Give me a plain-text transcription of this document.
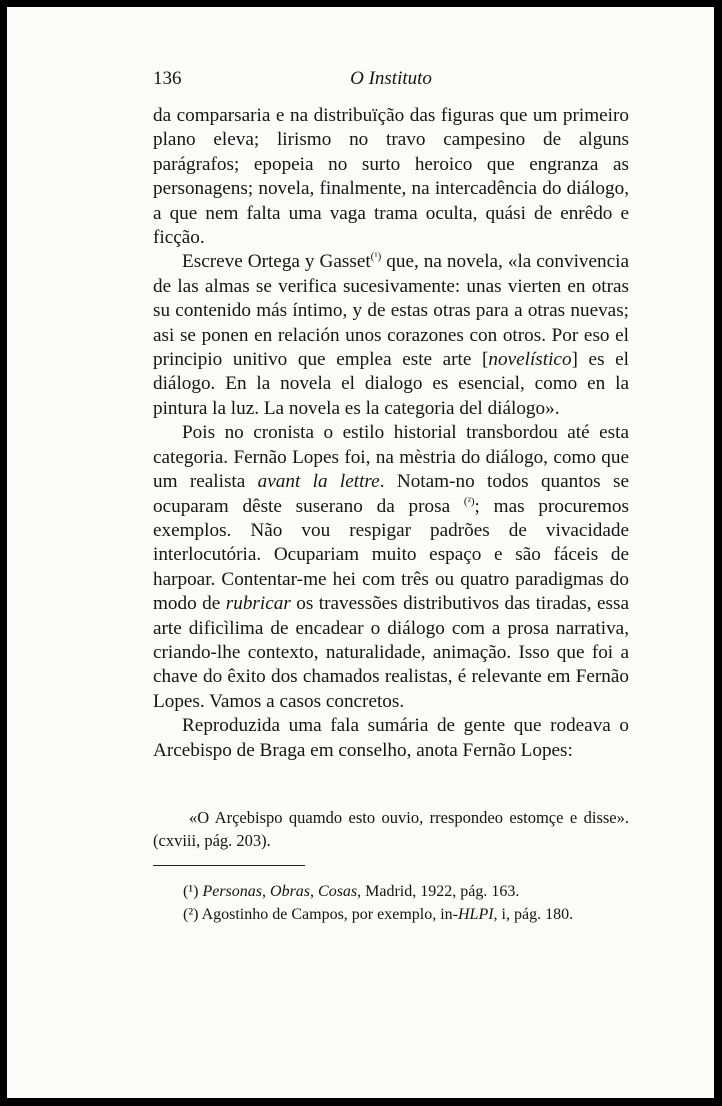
136	O Instituto

da comparsaria e na distribuïção das figuras que um primeiro plano eleva; lirismo no travo campesino de alguns parágrafos; epopeia no surto heroico que engranza as personagens; novela, finalmente, na intercadência do diálogo, a que nem falta uma vaga trama oculta, quási de enrêdo e ficção.

Escreve Ortega y Gasset$^{(^1)}$ que, na novela, «la convivencia de las almas se verifica sucesivamente: unas vierten en otras su contenido más íntimo, y de estas otras para a otras nuevas; asi se ponen en relación unos corazones con otros. Por eso el principio unitivo que emplea este arte [novelístico] es el diálogo. En la novela el dialogo es esencial, como en la pintura la luz. La novela es la categoria del diálogo».

Pois no cronista o estilo historial transbordou até esta categoria. Fernão Lopes foi, na mèstria do diálogo, como que um realista avant la lettre. Notam-no todos quantos se ocuparam dêste suserano da prosa $^{(^2)}$; mas procuremos exemplos. Não vou respigar padrões de vivacidade interlocutória. Ocupariam muito espaço e são fáceis de harpoar. Contentar-me hei com três ou quatro paradigmas do modo de rubricar os travessões distributivos das tiradas, essa arte dificìlima de encadear o diálogo com a prosa narrativa, criando-lhe contexto, naturalidade, animação. Isso que foi a chave do êxito dos chamados realistas, é relevante em Fernão Lopes. Vamos a casos concretos.

Reproduzida uma fala sumária de gente que rodeava o Arcebispo de Braga em conselho, anota Fernão Lopes:

«O Arçebispo quamdo esto ouvio, rrespondeo estomçe e disse». (cxviii, pág. 203).

(¹) Personas, Obras, Cosas, Madrid, 1922, pág. 163.
(²) Agostinho de Campos, por exemplo, in-HLPI, i, pág. 180.
